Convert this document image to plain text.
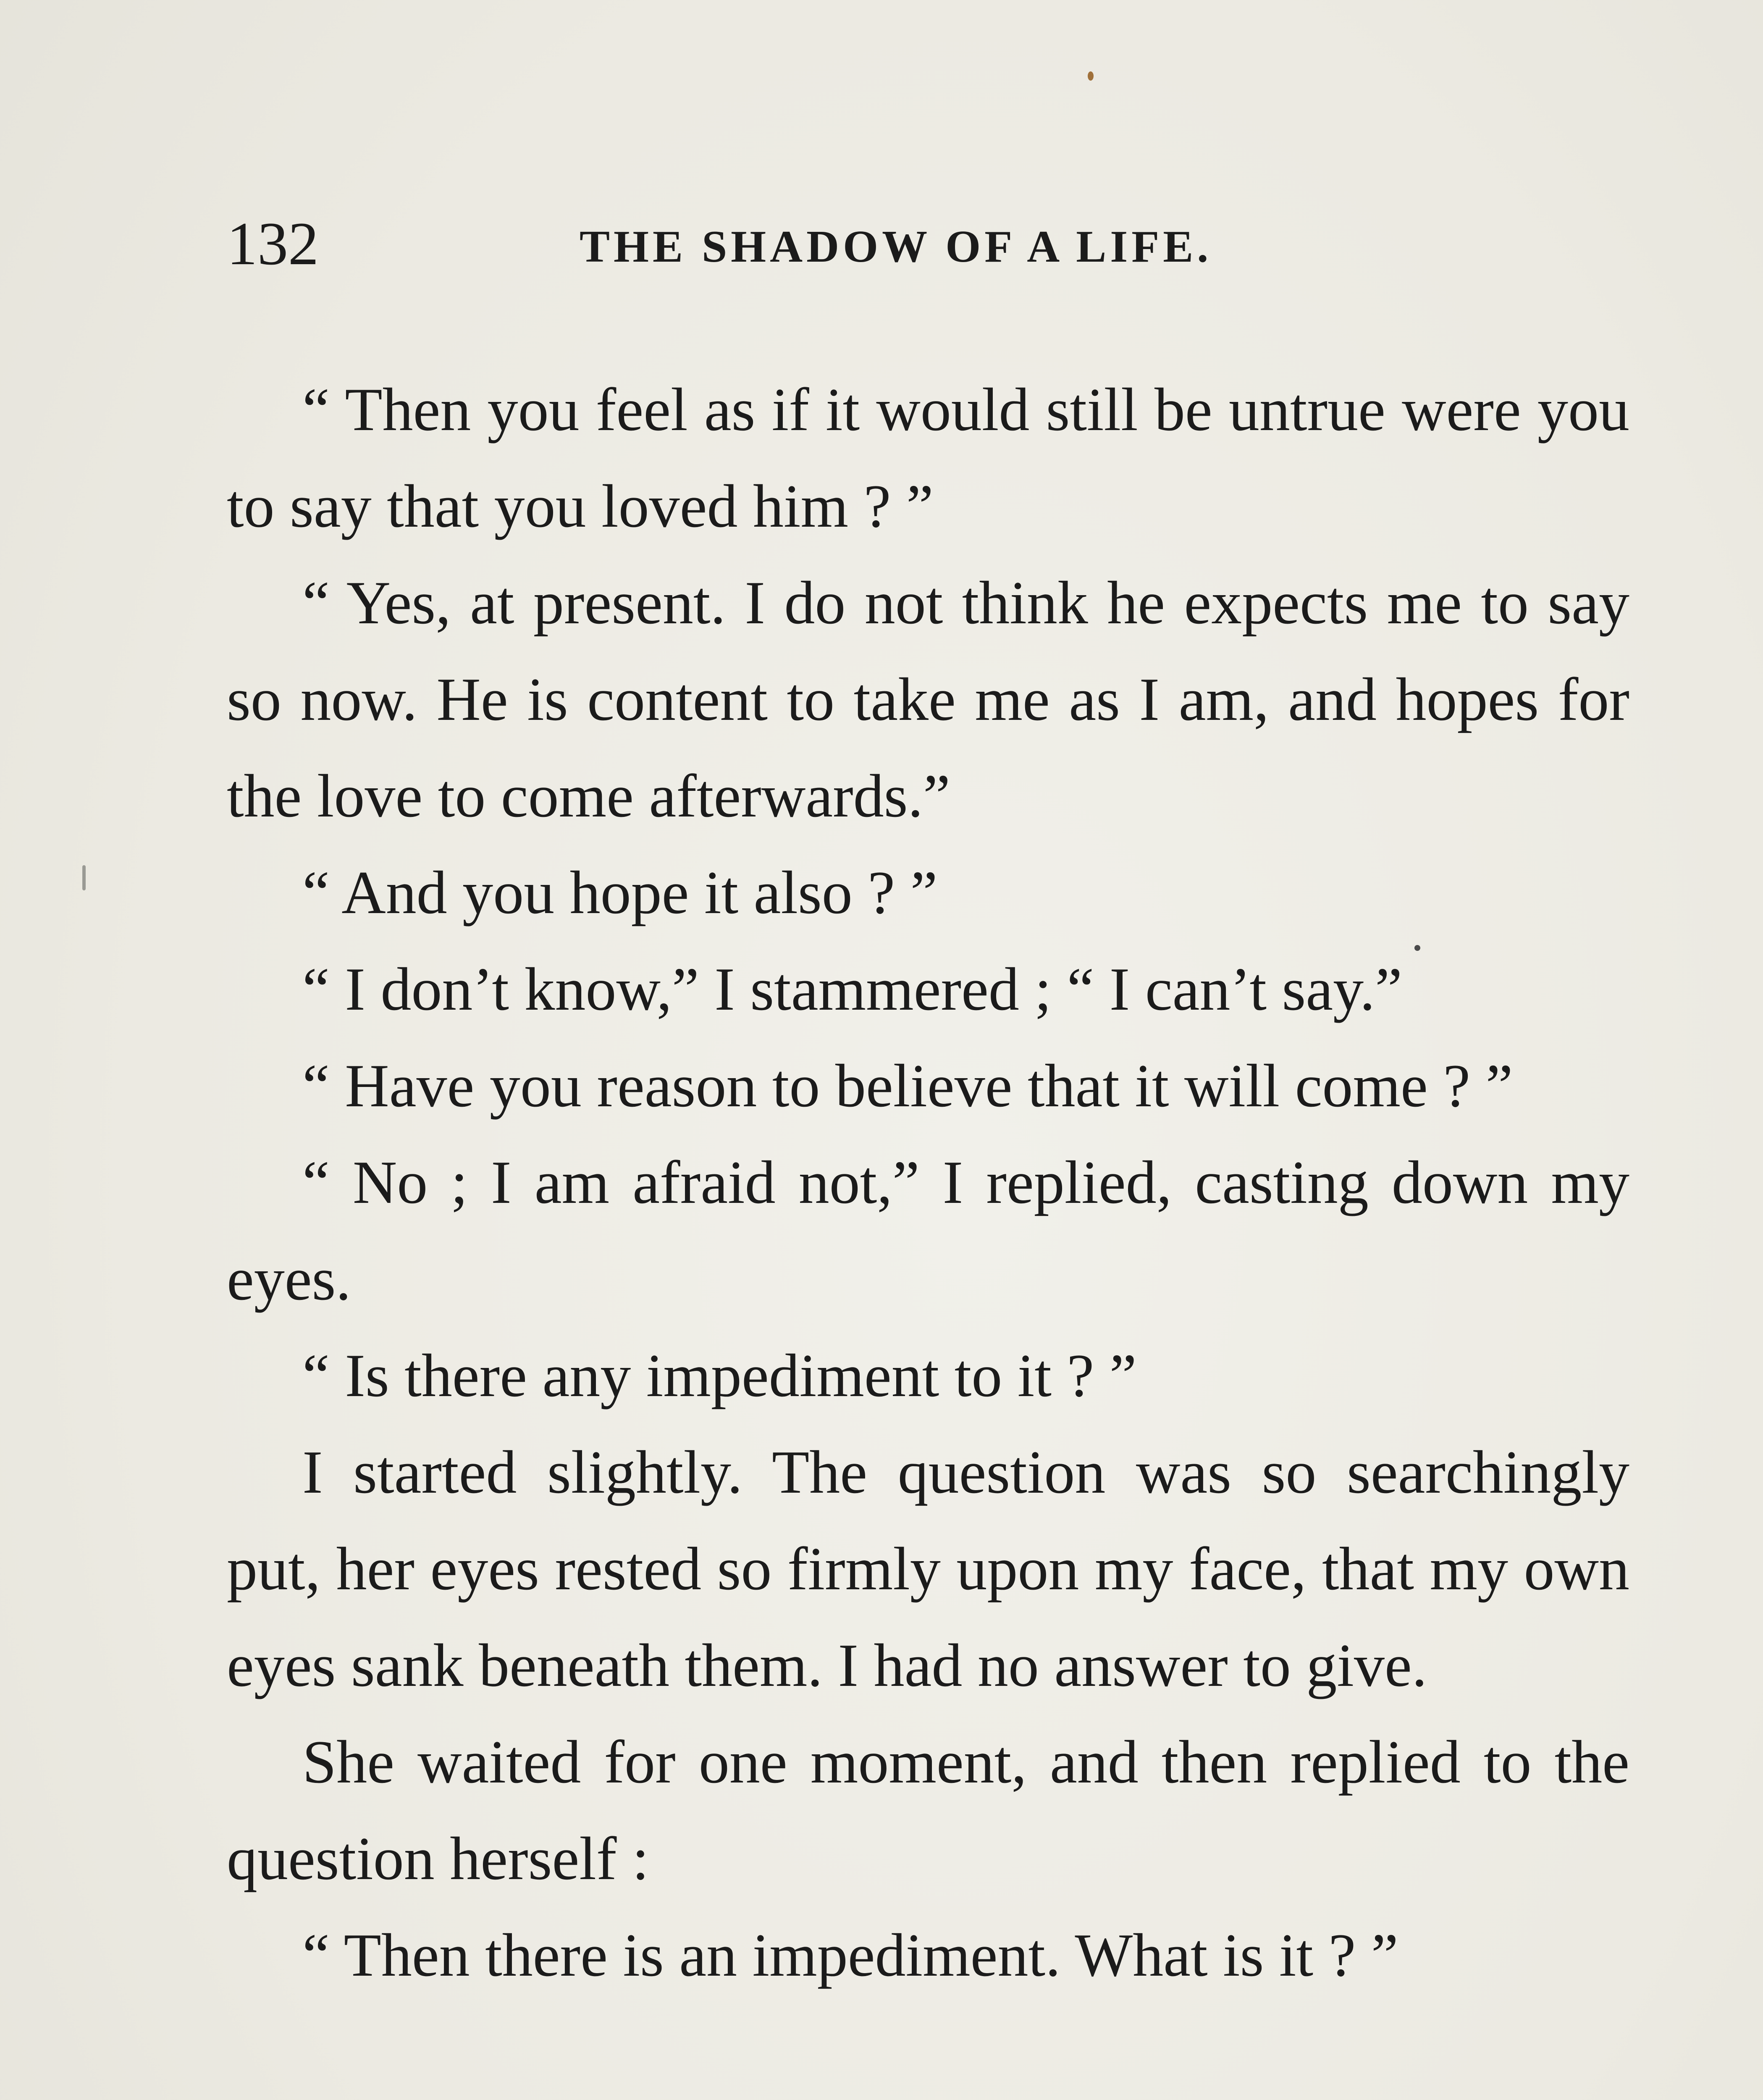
132	THE SHADOW OF A LIFE.

“ Then you feel as if it would still be untrue were you to say that you loved him ? ”

“ Yes, at present. I do not think he expects me to say so now. He is content to take me as I am, and hopes for the love to come afterwards.”

“ And you hope it also ? ”

“ I don’t know,” I stammered ; “ I can’t say.”

“ Have you reason to believe that it will come ? ”

“ No ; I am afraid not,” I replied, casting down my eyes.

“ Is there any impediment to it ? ”

I started slightly. The question was so searchingly put, her eyes rested so firmly upon my face, that my own eyes sank beneath them. I had no answer to give.

She waited for one moment, and then replied to the question herself :

“ Then there is an impediment. What is it ? ”
